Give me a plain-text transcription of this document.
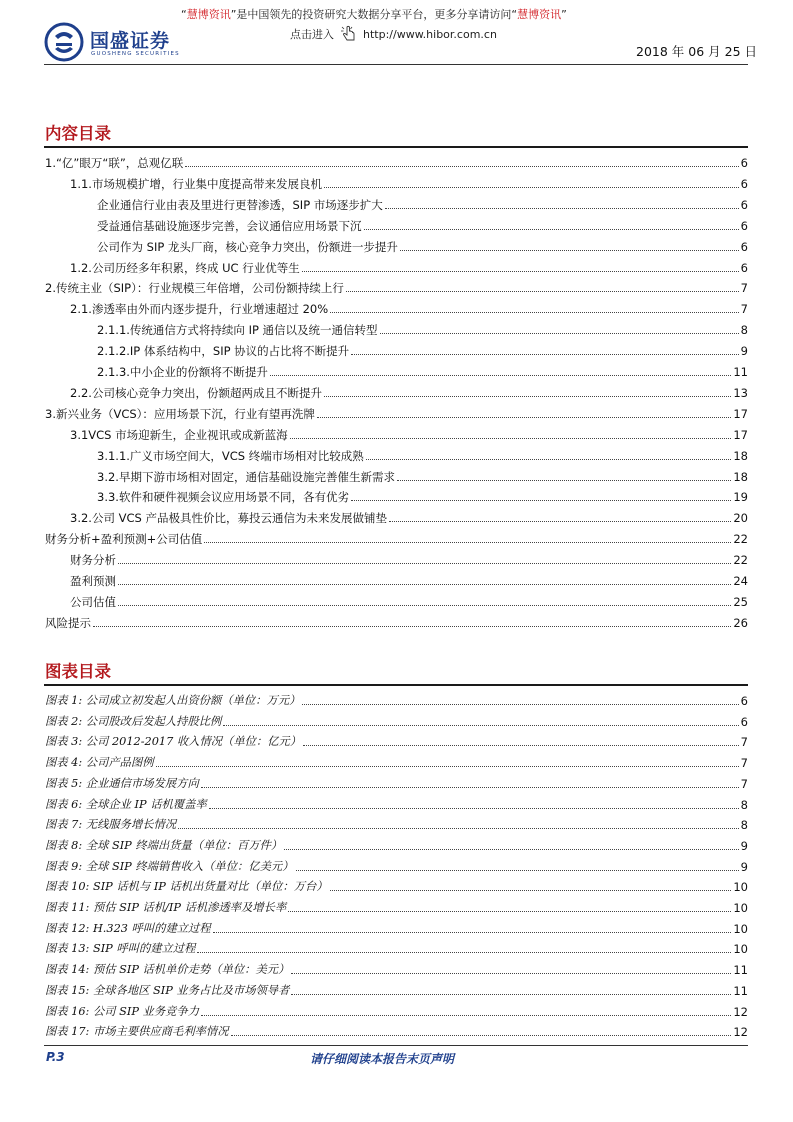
国盛证券
GUOSHENG SECURITIES
“慧博资讯”是中国领先的投资研究大数据分享平台，更多分享请访问“慧博资讯”
点击进入	http://www.hibor.com.cn
2018 年 06 月 25 日
内容目录
1.“亿”眼万“联”，总观亿联	6
1.1.市场规模扩增，行业集中度提高带来发展良机	6
企业通信行业由表及里进行更替渗透，SIP 市场逐步扩大	6
受益通信基础设施逐步完善，会议通信应用场景下沉	6
公司作为 SIP 龙头厂商，核心竞争力突出，份额进一步提升	6
1.2.公司历经多年积累，终成 UC 行业优等生	6
2.传统主业（SIP）：行业规模三年倍增，公司份额持续上行	7
2.1.渗透率由外而内逐步提升，行业增速超过 20%	7
2.1.1.传统通信方式将持续向 IP 通信以及统一通信转型	8
2.1.2.IP 体系结构中，SIP 协议的占比将不断提升	9
2.1.3.中小企业的份额将不断提升	11
2.2.公司核心竞争力突出，份额超两成且不断提升	13
3.新兴业务（VCS）：应用场景下沉，行业有望再洗牌	17
3.1VCS 市场迎新生，企业视讯或成新蓝海	17
3.1.1.广义市场空间大，VCS 终端市场相对比较成熟	18
3.2.早期下游市场相对固定，通信基础设施完善催生新需求	18
3.3.软件和硬件视频会议应用场景不同，各有优劣	19
3.2.公司 VCS 产品极具性价比，募投云通信为未来发展做铺垫	20
财务分析+盈利预测+公司估值	22
财务分析	22
盈利预测	24
公司估值	25
风险提示	26
图表目录
图表 1: 公司成立初发起人出资份额（单位：万元）	6
图表 2: 公司股改后发起人持股比例	6
图表 3: 公司 2012-2017 收入情况（单位：亿元）	7
图表 4: 公司产品图例	7
图表 5: 企业通信市场发展方向	7
图表 6: 全球企业 IP 话机覆盖率	8
图表 7: 无线服务增长情况	8
图表 8: 全球 SIP 终端出货量（单位：百万件）	9
图表 9: 全球 SIP 终端销售收入（单位：亿美元）	9
图表 10: SIP 话机与 IP 话机出货量对比（单位：万台）	10
图表 11: 预估 SIP 话机/IP 话机渗透率及增长率	10
图表 12: H.323 呼叫的建立过程	10
图表 13: SIP 呼叫的建立过程	10
图表 14: 预估 SIP 话机单价走势（单位：美元）	11
图表 15: 全球各地区 SIP 业务占比及市场领导者	11
图表 16: 公司 SIP 业务竞争力	12
图表 17: 市场主要供应商毛利率情况	12
P.3	请仔细阅读本报告末页声明
